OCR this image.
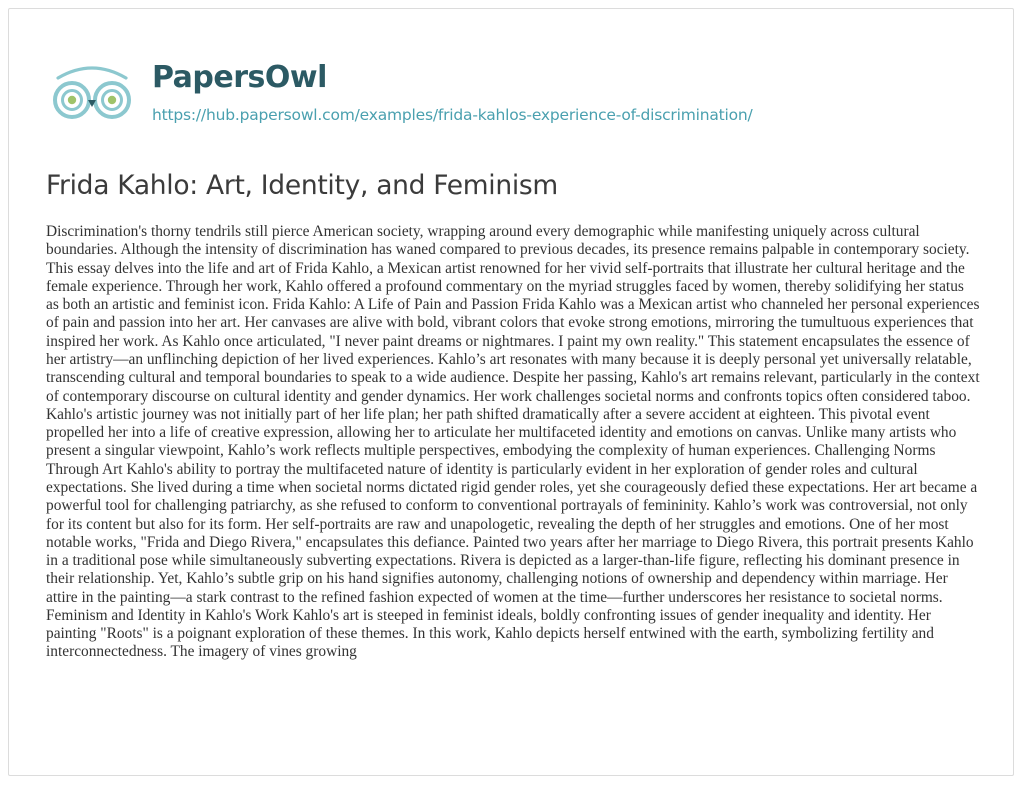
PapersOwl
https://hub.papersowl.com/examples/frida-kahlos-experience-of-discrimination/
Frida Kahlo: Art, Identity, and Feminism

Discrimination's thorny tendrils still pierce American society, wrapping around every demographic while manifesting uniquely across cultural boundaries. Although the intensity of discrimination has waned compared to previous decades, its presence remains palpable in contemporary society. This essay delves into the life and art of Frida Kahlo, a Mexican artist renowned for her vivid self-portraits that illustrate her cultural heritage and the female experience. Through her work, Kahlo offered a profound commentary on the myriad struggles faced by women, thereby solidifying her status as both an artistic and feminist icon. Frida Kahlo: A Life of Pain and Passion Frida Kahlo was a Mexican artist who channeled her personal experiences of pain and passion into her art. Her canvases are alive with bold, vibrant colors that evoke strong emotions, mirroring the tumultuous experiences that inspired her work. As Kahlo once articulated, "I never paint dreams or nightmares. I paint my own reality." This statement encapsulates the essence of her artistry—an unflinching depiction of her lived experiences. Kahlo’s art resonates with many because it is deeply personal yet universally relatable, transcending cultural and temporal boundaries to speak to a wide audience. Despite her passing, Kahlo's art remains relevant, particularly in the context of contemporary discourse on cultural identity and gender dynamics. Her work challenges societal norms and confronts topics often considered taboo. Kahlo's artistic journey was not initially part of her life plan; her path shifted dramatically after a severe accident at eighteen. This pivotal event propelled her into a life of creative expression, allowing her to articulate her multifaceted identity and emotions on canvas. Unlike many artists who present a singular viewpoint, Kahlo’s work reflects multiple perspectives, embodying the complexity of human experiences. Challenging Norms Through Art Kahlo's ability to portray the multifaceted nature of identity is particularly evident in her exploration of gender roles and cultural expectations. She lived during a time when societal norms dictated rigid gender roles, yet she courageously defied these expectations. Her art became a powerful tool for challenging patriarchy, as she refused to conform to conventional portrayals of femininity. Kahlo’s work was controversial, not only for its content but also for its form. Her self-portraits are raw and unapologetic, revealing the depth of her struggles and emotions. One of her most notable works, "Frida and Diego Rivera," encapsulates this defiance. Painted two years after her marriage to Diego Rivera, this portrait presents Kahlo in a traditional pose while simultaneously subverting expectations. Rivera is depicted as a larger-than-life figure, reflecting his dominant presence in their relationship. Yet, Kahlo’s subtle grip on his hand signifies autonomy, challenging notions of ownership and dependency within marriage. Her attire in the painting—a stark contrast to the refined fashion expected of women at the time—further underscores her resistance to societal norms. Feminism and Identity in Kahlo's Work Kahlo's art is steeped in feminist ideals, boldly confronting issues of gender inequality and identity. Her painting "Roots" is a poignant exploration of these themes. In this work, Kahlo depicts herself entwined with the earth, symbolizing fertility and interconnectedness. The imagery of vines growing
